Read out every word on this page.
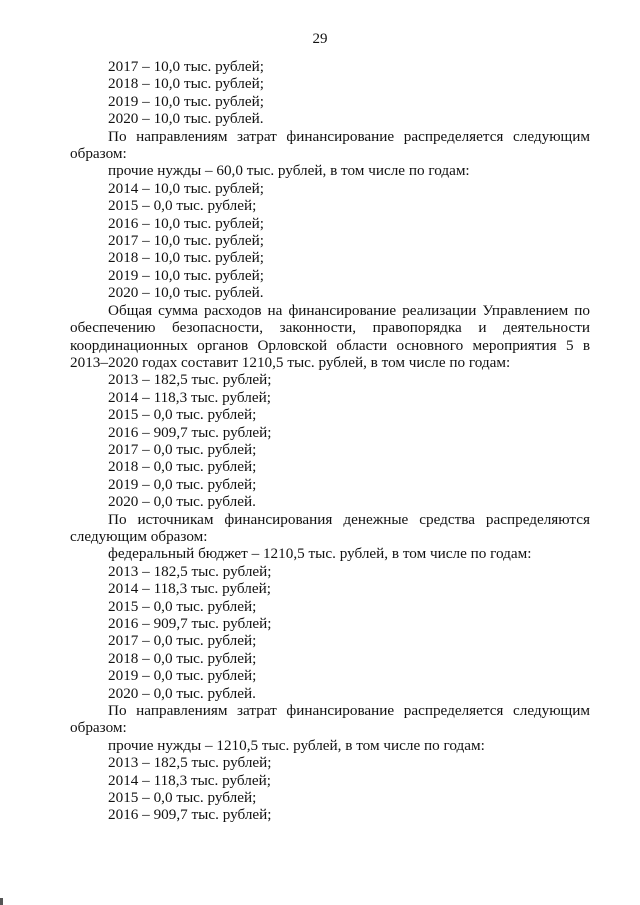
29
2017 – 10,0 тыс. рублей;
2018 – 10,0 тыс. рублей;
2019 – 10,0 тыс. рублей;
2020 – 10,0 тыс. рублей.
По направлениям затрат финансирование распределяется следующим образом:
прочие нужды – 60,0 тыс. рублей, в том числе по годам:
2014 – 10,0 тыс. рублей;
2015 – 0,0 тыс. рублей;
2016 – 10,0 тыс. рублей;
2017 – 10,0 тыс. рублей;
2018 – 10,0 тыс. рублей;
2019 – 10,0 тыс. рублей;
2020 – 10,0 тыс. рублей.
Общая сумма расходов на финансирование реализации Управлением по обеспечению безопасности, законности, правопорядка и деятельности координационных органов Орловской области основного мероприятия 5 в 2013–2020 годах составит 1210,5 тыс. рублей, в том числе по годам:
2013 – 182,5 тыс. рублей;
2014 – 118,3 тыс. рублей;
2015 – 0,0 тыс. рублей;
2016 – 909,7 тыс. рублей;
2017 – 0,0 тыс. рублей;
2018 – 0,0 тыс. рублей;
2019 – 0,0 тыс. рублей;
2020 – 0,0 тыс. рублей.
По источникам финансирования денежные средства распределяются следующим образом:
федеральный бюджет – 1210,5 тыс. рублей, в том числе по годам:
2013 – 182,5 тыс. рублей;
2014 – 118,3 тыс. рублей;
2015 – 0,0 тыс. рублей;
2016 – 909,7 тыс. рублей;
2017 – 0,0 тыс. рублей;
2018 – 0,0 тыс. рублей;
2019 – 0,0 тыс. рублей;
2020 – 0,0 тыс. рублей.
По направлениям затрат финансирование распределяется следующим образом:
прочие нужды – 1210,5 тыс. рублей, в том числе по годам:
2013 – 182,5 тыс. рублей;
2014 – 118,3 тыс. рублей;
2015 – 0,0 тыс. рублей;
2016 – 909,7 тыс. рублей;
